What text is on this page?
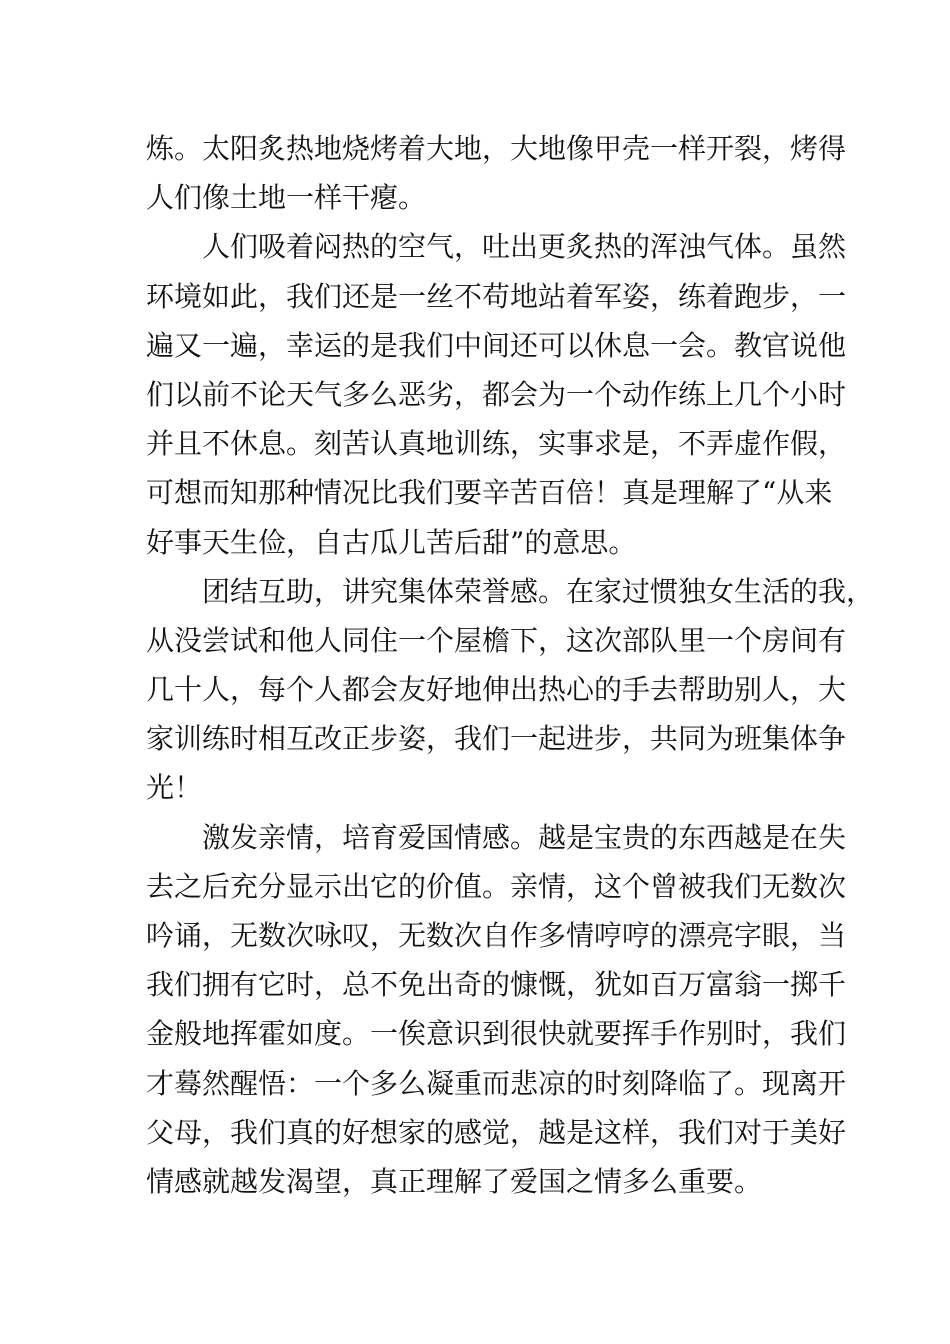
炼。太阳炙热地烧烤着大地，大地像甲壳一样开裂，烤得
人们像土地一样干瘪。
人们吸着闷热的空气，吐出更炙热的浑浊气体。虽然
环境如此，我们还是一丝不苟地站着军姿，练着跑步，一
遍又一遍，幸运的是我们中间还可以休息一会。教官说他
们以前不论天气多么恶劣，都会为一个动作练上几个小时
并且不休息。刻苦认真地训练，实事求是，不弄虚作假，
可想而知那种情况比我们要辛苦百倍！真是理解了“从来
好事天生俭，自古瓜儿苦后甜”的意思。
团结互助，讲究集体荣誉感。在家过惯独女生活的我，
从没尝试和他人同住一个屋檐下，这次部队里一个房间有
几十人，每个人都会友好地伸出热心的手去帮助别人，大
家训练时相互改正步姿，我们一起进步，共同为班集体争
光！
激发亲情，培育爱国情感。越是宝贵的东西越是在失
去之后充分显示出它的价值。亲情，这个曾被我们无数次
吟诵，无数次咏叹，无数次自作多情哼哼的漂亮字眼，当
我们拥有它时，总不免出奇的慷慨，犹如百万富翁一掷千
金般地挥霍如度。一俟意识到很快就要挥手作别时，我们
才蓦然醒悟：一个多么凝重而悲凉的时刻降临了。现离开
父母，我们真的好想家的感觉，越是这样，我们对于美好
情感就越发渴望，真正理解了爱国之情多么重要。
